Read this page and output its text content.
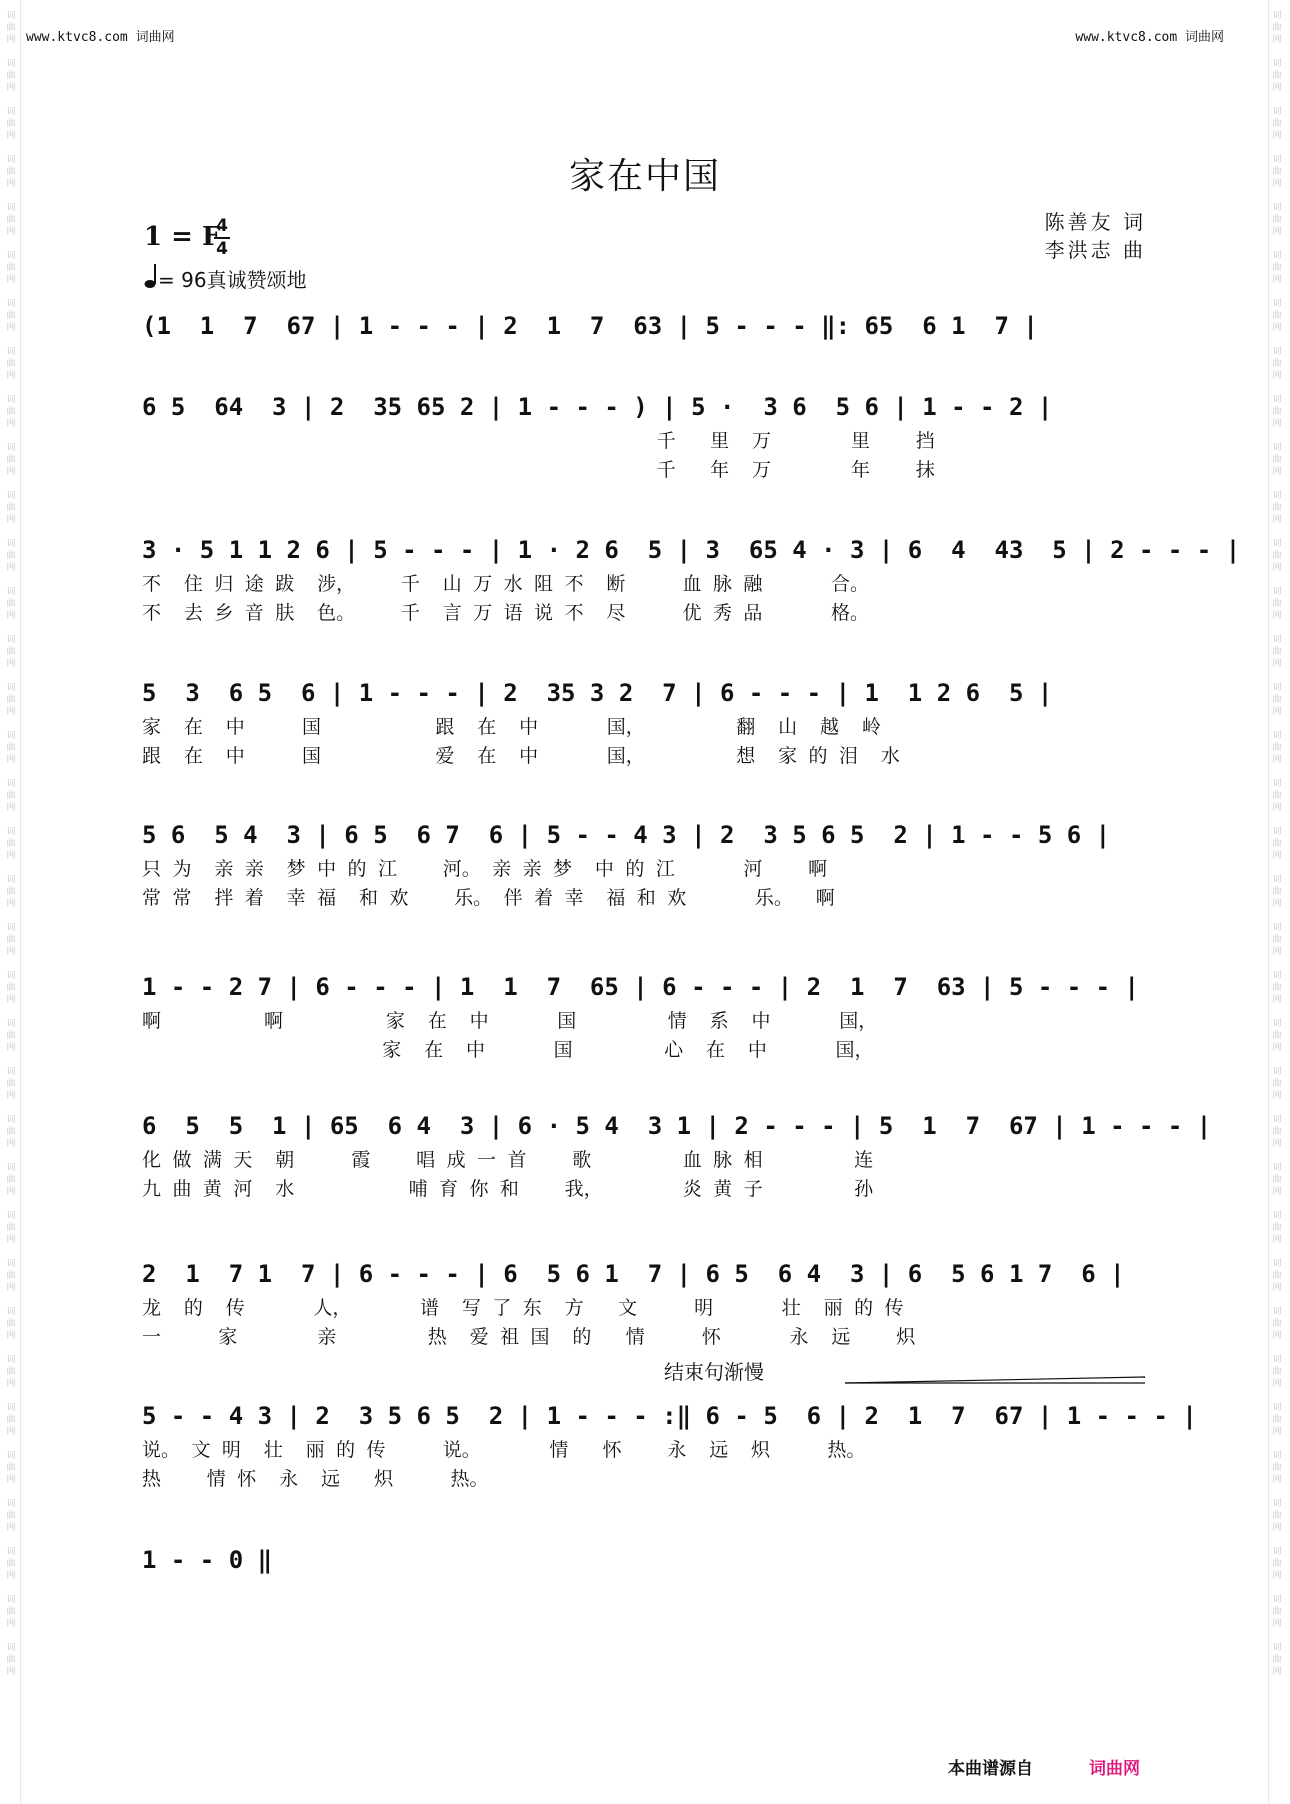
词
曲
网

词
曲
网

词
曲
网

词
曲
网

词
曲
网

词
曲
网

词
曲
网

词
曲
网

词
曲
网

词
曲
网

词
曲
网

词
曲
网

词
曲
网

词
曲
网

词
曲
网

词
曲
网

词
曲
网

词
曲
网

词
曲
网

词
曲
网

词
曲
网

词
曲
网

词
曲
网

词
曲
网

词
曲
网

词
曲
网

词
曲
网

词
曲
网

词
曲
网

词
曲
网

词
曲
网

词
曲
网

词
曲
网

词
曲
网

词
曲
网

词
曲
网

词
曲
网

词
曲
网

词
曲
网

词
曲
网

词
曲
网

词
曲
网

词
曲
网

词
曲
网

词
曲
网

词
曲
网

词
曲
网

词
曲
网

词
曲
网

词
曲
网

词
曲
网

词
曲
网

词
曲
网

词
曲
网

词
曲
网

词
曲
网

词
曲
网

词
曲
网

词
曲
网

词
曲
网

词
曲
网

词
曲
网

词
曲
网

词
曲
网

词
曲
网

词
曲
网

词
曲
网

词
曲
网

词
曲
网

词
曲
网

www.ktvc8.com 词曲网	www.ktvc8.com 词曲网
家在中国
1 = F
4
4
= 96真诚赞颂地
陈善友 词
李洪志 曲
(1  1  7  67 | 1 - - - | 2  1  7  63 | 5 - - - ‖: 65  6 1  7 |
6 5  64  3 | 2  35 65 2 | 1 - - - ) | 5 ·  3 6  5 6 | 1 - - 2 |
千   里  万       里    挡
千   年  万       年    抹
3 · 5 1 1 2 6 | 5 - - - | 1 · 2 6  5 | 3  65 4 · 3 | 6  4  43  5 | 2 - - - |
不  住 归 途 跋  涉，    千  山 万 水 阻 不  断     血 脉 融      合。
不  去 乡 音 肤  色。    千  言 万 语 说 不  尽     优 秀 品      格。
5  3  6 5  6 | 1 - - - | 2  35 3 2  7 | 6 - - - | 1  1 2 6  5 |
家  在  中     国          跟  在  中      国，        翻  山  越  岭
跟  在  中     国          爱  在  中      国，        想  家 的 泪  水
5 6  5 4  3 | 6 5  6 7  6 | 5 - - 4 3 | 2  3 5 6 5  2 | 1 - - 5 6 |
只 为  亲 亲  梦 中 的 江    河。 亲 亲 梦  中 的 江      河    啊
常 常  拌 着  幸 福  和 欢    乐。 伴 着 幸  福 和 欢      乐。  啊
1 - - 2 7 | 6 - - - | 1  1  7  65 | 6 - - - | 2  1  7  63 | 5 - - - |
啊         啊         家  在  中      国        情  系  中      国，
家  在  中      国        心  在  中      国，
6  5  5  1 | 65  6 4  3 | 6 · 5 4  3 1 | 2 - - - | 5  1  7  67 | 1 - - - |
化 做 满 天  朝     霞    唱 成 一 首    歌        血 脉 相        连
九 曲 黄 河  水          哺 育 你 和    我，       炎 黄 子        孙
2  1  7 1  7 | 6 - - - | 6  5 6 1  7 | 6 5  6 4  3 | 6  5 6 1 7  6 |
龙  的  传      人，      谱  写 了 东  方   文     明      壮  丽 的 传
一     家       亲        热  爱 祖 国  的   情     怀      永  远    炽
结束句渐慢
5 - - 4 3 | 2  3 5 6 5  2 | 1 - - - :‖ 6 - 5  6 | 2  1  7  67 | 1 - - - |
说。 文 明  壮  丽 的 传     说。      情   怀    永  远  炽     热。
热    情 怀  永  远   炽     热。
1 - - 0 ‖
本曲谱源自	词曲网
